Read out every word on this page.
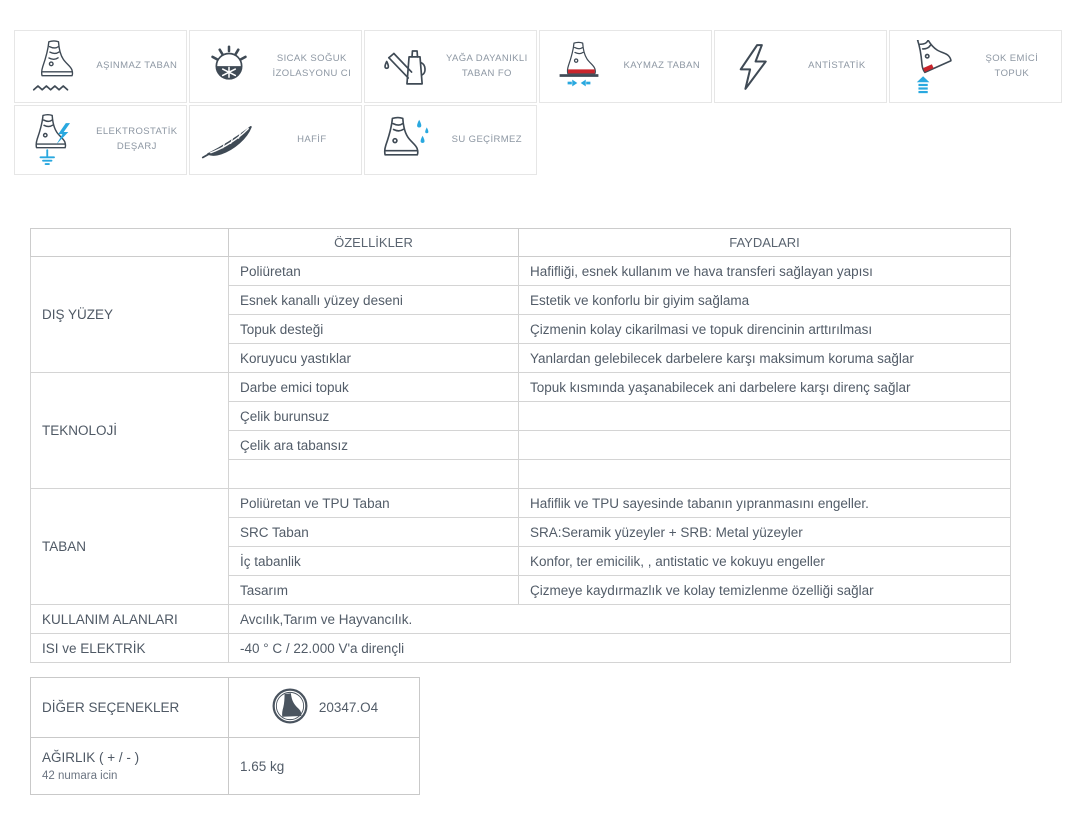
AŞINMAZ TABAN
SICAK SOĞUK İZOLASYONU CI
YAĞA DAYANIKLI TABAN FO
KAYMAZ TABAN	ANTİSTATİK
ŞOK EMİCİ TOPUK
ELEKTROSTATİK DEŞARJ
HAFİF	SU GEÇİRMEZ
	ÖZELLİKLER	FAYDALARI
DIŞ YÜZEY	Poliüretan	Hafifliği, esnek kullanım ve hava transferi sağlayan yapısı
	Esnek kanallı yüzey deseni	Estetik ve konforlu bir giyim sağlama
	Topuk desteği	Çizmenin kolay cikarilmasi ve topuk direncinin arttırılması
	Koruyucu yastıklar	Yanlardan gelebilecek darbelere karşı maksimum koruma sağlar
TEKNOLOJİ	Darbe emici topuk	Topuk kısmında yaşanabilecek ani darbelere karşı direnç sağlar
	Çelik burunsuz	
	Çelik ara tabansız	

TABAN	Poliüretan ve TPU Taban	Hafiflik ve TPU sayesinde tabanın yıpranmasını engeller.
	SRC Taban	SRA:Seramik yüzeyler + SRB: Metal yüzeyler
	İç tabanlik	Konfor, ter emicilik, , antistatic ve kokuyu engeller
	Tasarım	Çizmeye kaydırmazlık ve kolay temizlenme özelliği sağlar
KULLANIM ALANLARI	Avcılık,Tarım ve Hayvancılık.	
ISI ve ELEKTRİK	-40 ° C / 22.000 V'a dirençli	
DİĞER SEÇENEKLER	20347.O4

AĞIRLIK ( + / - )
42 numara icin	1.65 kg
